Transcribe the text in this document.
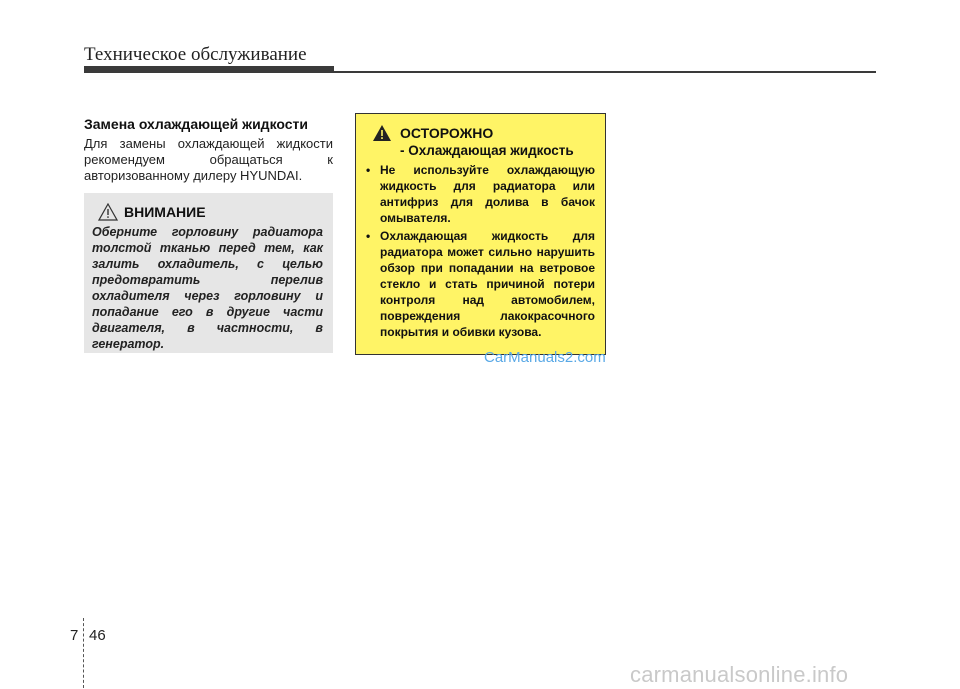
Техническое обслуживание
Замена охлаждающей жидкости
Для замены охлаждающей жидкости рекомендуем обращаться к авторизованному дилеру HYUNDAI.
ВНИМАНИЕ
Оберните горловину радиатора толстой тканью перед тем, как залить охладитель, с целью предотвратить перелив охладителя через горловину и попадание его в другие части двигателя, в частности, в генератор.
ОСТОРОЖНО
- Охлаждающая жидкость
• Не используйте охлаждающую жидкость для радиатора или антифриз для долива в бачок омывателя.
• Охлаждающая жидкость для радиатора может сильно нарушить обзор при попадании на ветровое стекло и стать причиной потери контроля над автомобилем, повреждения лакокрасочного покрытия и обивки кузова.
CarManuals2.com
7 46
carmanualsonline.info
